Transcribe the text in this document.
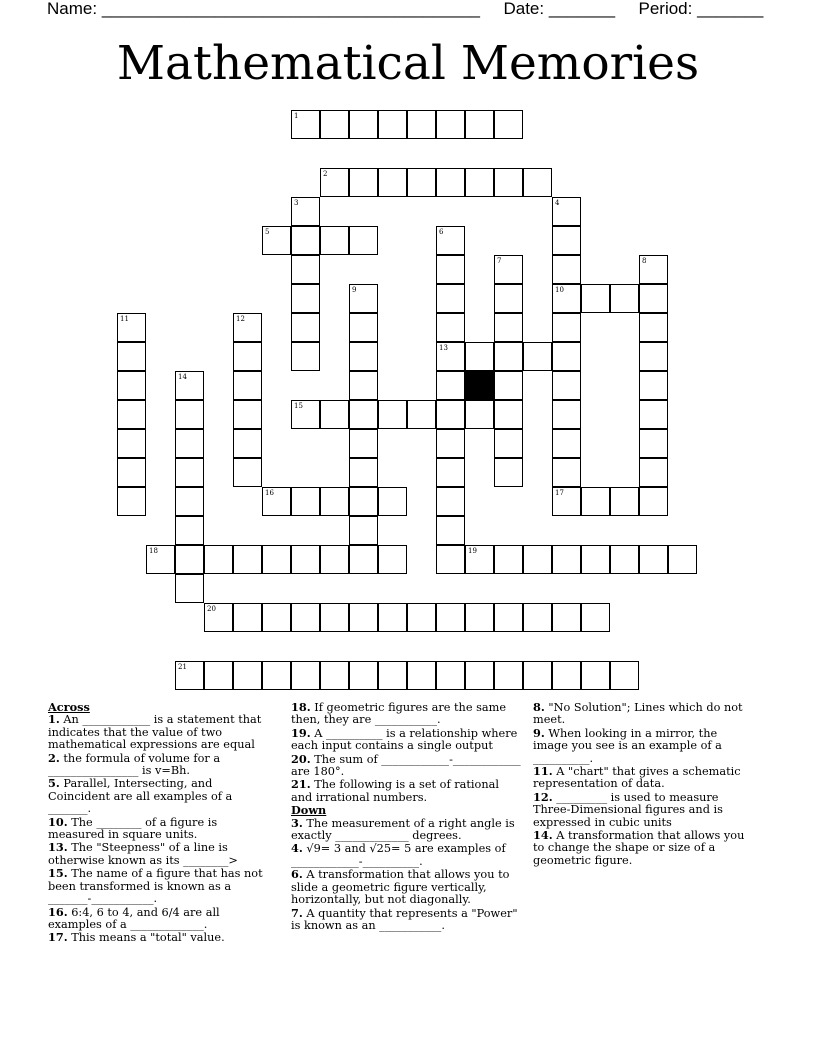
Name: ________________________________________ Date: _______ Period: _______
Mathematical Memories
1
2
3	4
10
17
5	6
13
7	8
9
11	12
14
15
16
18	19
20
21

Across

1. An ____________ is a statement that indicates that the value of two mathematical expressions are equal

2. the formula of volume for a ________________ is v=Bh.

5. Parallel, Intersecting, and Coincident are all examples of a _______.

10. The ________ of a figure is measured in square units.

13. The "Steepness" of a line is otherwise known as its ________>

15. The name of a figure that has not been transformed is known as a _______-___________.

16. 6:4, 6 to 4, and 6/4 are all examples of a _____________.

17. This means a "total" value.

18. If geometric figures are the same then, they are ___________.

19. A __________ is a relationship where each input contains a single output

20. The sum of ____________-____________ are 180°.

21. The following is a set of rational and irrational numbers.

Down

3. The measurement of a right angle is exactly _____________ degrees.

4. √9= 3 and √25= 5 are examples of ____________-__________.

6. A transformation that allows you to slide a geometric figure vertically, horizontally, but not diagonally.

7. A quantity that represents a "Power" is known as an ___________.

8. "No Solution"; Lines which do not meet.

9. When looking in a mirror, the image you see is an example of a __________.

11. A "chart" that gives a schematic representation of data.

12. _________ is used to measure Three-Dimensional figures and is expressed in cubic units

14. A transformation that allows you to change the shape or size of a geometric figure.
